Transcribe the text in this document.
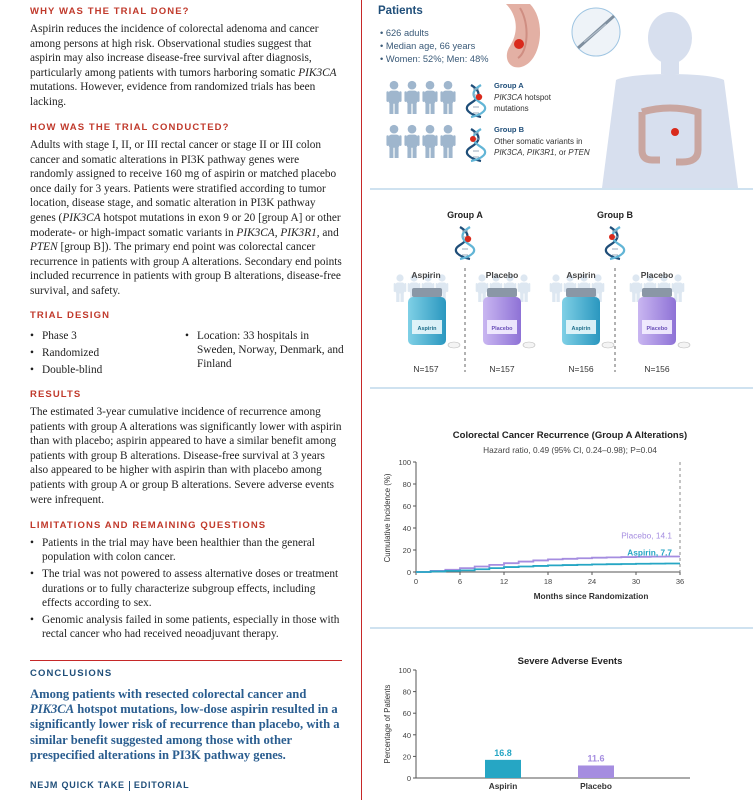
WHY WAS THE TRIAL DONE?
Aspirin reduces the incidence of colorectal adenoma and cancer among persons at high risk. Observational studies suggest that aspirin may also increase disease-free survival after diagnosis, particularly among patients with tumors harboring somatic PIK3CA mutations. However, evidence from randomized trials has been lacking.
HOW WAS THE TRIAL CONDUCTED?
Adults with stage I, II, or III rectal cancer or stage II or III colon cancer and somatic alterations in PI3K pathway genes were randomly assigned to receive 160 mg of aspirin or matched placebo once daily for 3 years. Patients were stratified according to tumor location, disease stage, and somatic alteration in PI3K pathway genes (PIK3CA hotspot mutations in exon 9 or 20 [group A] or other moderate- or high-impact somatic variants in PIK3CA, PIK3R1, and PTEN [group B]). The primary end point was colorectal cancer recurrence in patients with group A alterations. Secondary end points included recurrence in patients with group B alterations, disease-free survival, and safety.
TRIAL DESIGN
• Phase 3
• Randomized
• Double-blind
• Location: 33 hospitals in Sweden, Norway, Denmark, and Finland
RESULTS
The estimated 3-year cumulative incidence of recurrence among patients with group A alterations was significantly lower with aspirin than with placebo; aspirin appeared to have a similar benefit among patients with group B alterations. Disease-free survival at 3 years also appeared to be higher with aspirin than with placebo among patients with group A or group B alterations. Severe adverse events were infrequent.
LIMITATIONS AND REMAINING QUESTIONS
• Patients in the trial may have been healthier than the general population with colon cancer.
• The trial was not powered to assess alternative doses or treatment durations or to fully characterize subgroup effects, including effects according to sex.
• Genomic analysis failed in some patients, especially in those with rectal cancer who had received neoadjuvant therapy.
CONCLUSIONS
Among patients with resected colorectal cancer and PIK3CA hotspot mutations, low-dose aspirin resulted in a significantly lower risk of recurrence than placebo, with a similar benefit suggested among those with other prespecified alterations in PI3K pathway genes.
NEJM QUICK TAKE EDITORIAL
Patients
• 626 adults
• Median age, 66 years
• Women: 52%; Men: 48%
Group A
PIK3CA hotspot
mutations
Group B
Other somatic variants in
PIK3CA, PIK3R1, or PTEN
Group A	Group B
Aspirin	Placebo	Aspirin	Placebo
Aspirin	Placebo	Aspirin	Placebo
N=157	N=157	N=156	N=156
Colorectal Cancer Recurrence (Group A Alterations)
Hazard ratio, 0.49 (95% CI, 0.24–0.98); P=0.04
Cumulative Incidence (%)
Months since Randomization
0
20
40
60
80
100
0	6	12	18	24	30	36
Placebo, 14.1
Aspirin, 7.7
Severe Adverse Events
Percentage of Patients
0
20
40
60
80
100
16.8
Aspirin
11.6
Placebo
